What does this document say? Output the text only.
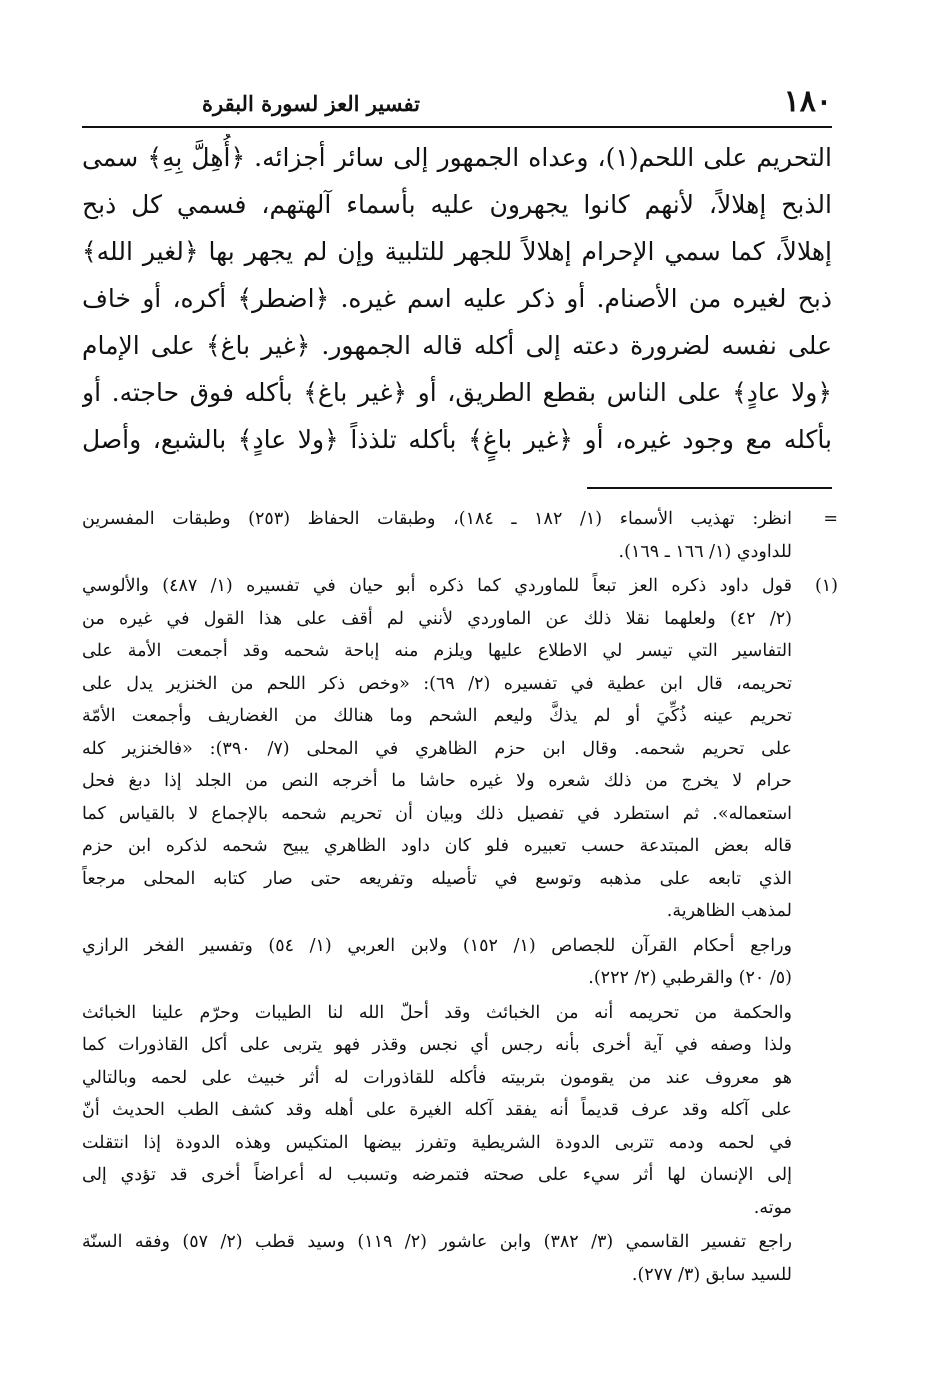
١٨٠
تفسير العز لسورة البقرة
التحريم على اللحم(١)، وعداه الجمهور إلى سائر أجزائه. ﴿أُهِلَّ بِهِ﴾ سمى
الذبح إهلالاً، لأنهم كانوا يجهرون عليه بأسماء آلهتهم، فسمي كل ذبح
إهلالاً، كما سمي الإحرام إهلالاً للجهر للتلبية وإن لم يجهر بها ﴿لغير الله﴾
ذبح لغيره من الأصنام. أو ذكر عليه اسم غيره. ﴿اضطر﴾ أكره، أو خاف
على نفسه لضرورة دعته إلى أكله قاله الجمهور. ﴿غير باغ﴾ على الإمام
﴿ولا عادٍ﴾ على الناس بقطع الطريق، أو ﴿غير باغ﴾ بأكله فوق حاجته. أو
بأكله مع وجود غيره، أو ﴿غير باغٍ﴾ بأكله تلذذاً ﴿ولا عادٍ﴾ بالشبع، وأصل
=
انظر: تهذيب الأسماء (١/ ١٨٢ ـ ١٨٤)، وطبقات الحفاظ (٢٥٣) وطبقات المفسرين
للداودي (١/ ١٦٦ ـ ١٦٩).
(١)
قول داود ذكره العز تبعاً للماوردي كما ذكره أبو حيان في تفسيره (١/ ٤٨٧) والألوسي
(٢/ ٤٢) ولعلهما نقلا ذلك عن الماوردي لأنني لم أقف على هذا القول في غيره من
التفاسير التي تيسر لي الاطلاع عليها ويلزم منه إباحة شحمه وقد أجمعت الأمة على
تحريمه، قال ابن عطية في تفسيره (٢/ ٦٩): «وخص ذكر اللحم من الخنزير يدل على
تحريم عينه ذُكِّيَ أو لم يذكَّ وليعم الشحم وما هنالك من الغضاريف وأجمعت الأمّة
على تحريم شحمه. وقال ابن حزم الظاهري في المحلى (٧/ ٣٩٠): «فالخنزير كله
حرام لا يخرج من ذلك شعره ولا غيره حاشا ما أخرجه النص من الجلد إذا دبغ فحل
استعماله». ثم استطرد في تفصيل ذلك وبيان أن تحريم شحمه بالإجماع لا بالقياس كما
قاله بعض المبتدعة حسب تعبيره فلو كان داود الظاهري يبيح شحمه لذكره ابن حزم
الذي تابعه على مذهبه وتوسع في تأصيله وتفريعه حتى صار كتابه المحلى مرجعاً
لمذهب الظاهرية.
وراجع أحكام القرآن للجصاص (١/ ١٥٢) ولابن العربي (١/ ٥٤) وتفسير الفخر الرازي
(٥/ ٢٠) والقرطبي (٢/ ٢٢٢).
والحكمة من تحريمه أنه من الخبائث وقد أحلّ الله لنا الطيبات وحرّم علينا الخبائث
ولذا وصفه في آية أخرى بأنه رجس أي نجس وقذر فهو يتربى على أكل القاذورات كما
هو معروف عند من يقومون بتربيته فأكله للقاذورات له أثر خبيث على لحمه وبالتالي
على آكله وقد عرف قديماً أنه يفقد آكله الغيرة على أهله وقد كشف الطب الحديث أنّ
في لحمه ودمه تتربى الدودة الشريطية وتفرز بيضها المتكيس وهذه الدودة إذا انتقلت
إلى الإنسان لها أثر سيء على صحته فتمرضه وتسبب له أعراضاً أخرى قد تؤدي إلى
موته.
راجع تفسير القاسمي (٣/ ٣٨٢) وابن عاشور (٢/ ١١٩) وسيد قطب (٢/ ٥٧) وفقه السنّة
للسيد سابق (٣/ ٢٧٧).
